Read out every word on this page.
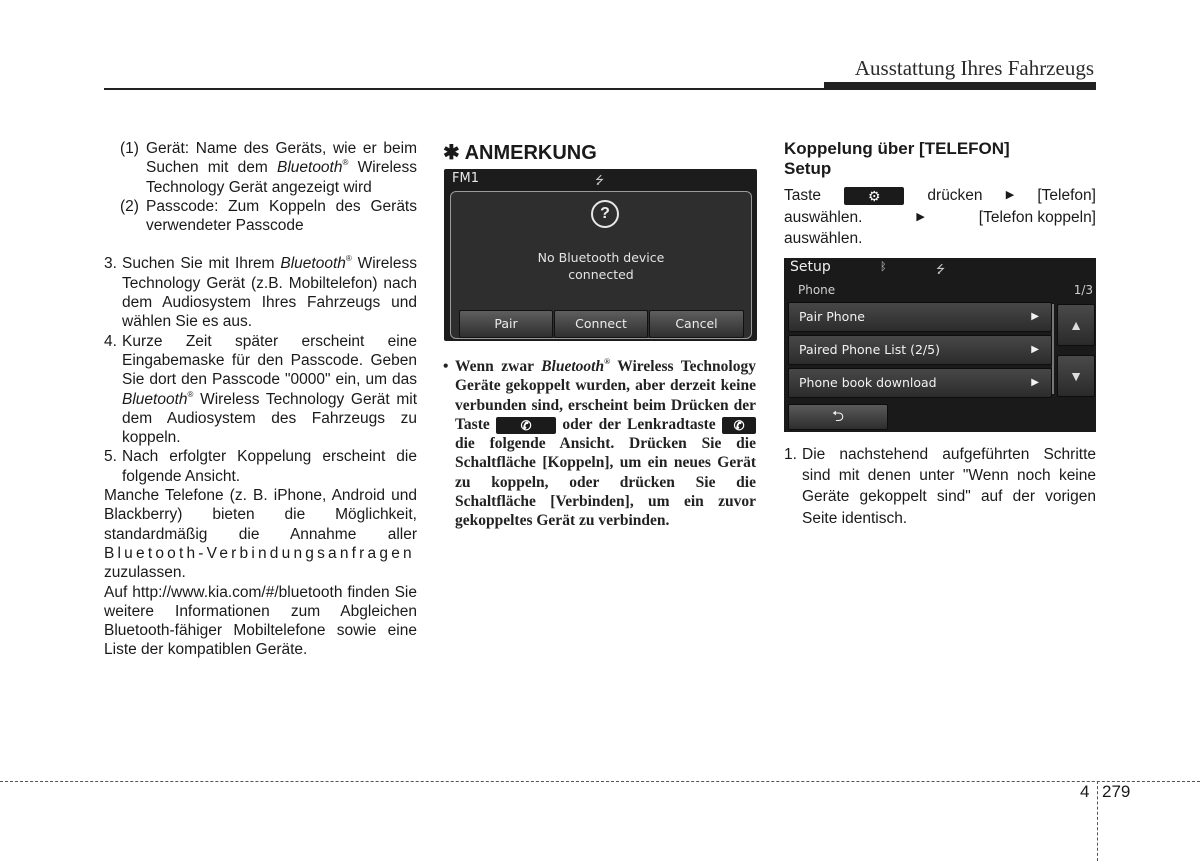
Ausstattung Ihres Fahrzeugs
(1) Gerät: Name des Geräts, wie er beim Suchen mit dem Bluetooth® Wireless Technology Gerät angezeigt wird
(2) Passcode: Zum Koppeln des Geräts verwendeter Passcode
3. Suchen Sie mit Ihrem Bluetooth® Wireless Technology Gerät (z.B. Mobiltelefon) nach dem Audiosystem Ihres Fahrzeugs und wählen Sie es aus.
4. Kurze Zeit später erscheint eine Eingabemaske für den Passcode. Geben Sie dort den Passcode "0000" ein, um das Bluetooth® Wireless Technology Gerät mit dem Audiosystem des Fahrzeugs zu koppeln.
5. Nach erfolgter Koppelung erscheint die folgende Ansicht.

Manche Telefone (z. B. iPhone, Android und Blackberry) bieten die Möglichkeit, standardmäßig die Annahme aller Bluetooth-Verbindungsanfragen zuzulassen.

Auf http://www.kia.com/#/bluetooth finden Sie weitere Informationen zum Abgleichen Bluetooth-fähiger Mobiltelefone sowie eine Liste der kompatiblen Geräte.

✱ ANMERKUNG
FM1	⭍
?
No Bluetooth device
connected
Pair	Connect	Cancel
• Wenn zwar Bluetooth® Wireless Technology Geräte gekoppelt wurden, aber derzeit keine verbunden sind, erscheint beim Drücken der Taste ✆ oder der Lenkradtaste ✆ die folgende Ansicht. Drücken Sie die Schaltfläche [Koppeln], um ein neues Gerät zu koppeln, oder drücken Sie die Schaltfläche [Verbinden], um ein zuvor gekoppeltes Gerät zu verbinden.
Koppelung über [TELEFON]
Setup
Taste	⚙	drücken ▶ [Telefon]
auswählen.	▶	[Telefon koppeln]
auswählen.
Setup	ᛒ	⭍
Phone	1/3
Pair Phone	▶
Paired Phone List (2/5)	▶
Phone book download	▶
▲
▼
⮌
1. Die nachstehend aufgeführten Schritte sind mit denen unter "Wenn noch keine Geräte gekoppelt sind" auf der vorigen Seite identisch.
4 279
